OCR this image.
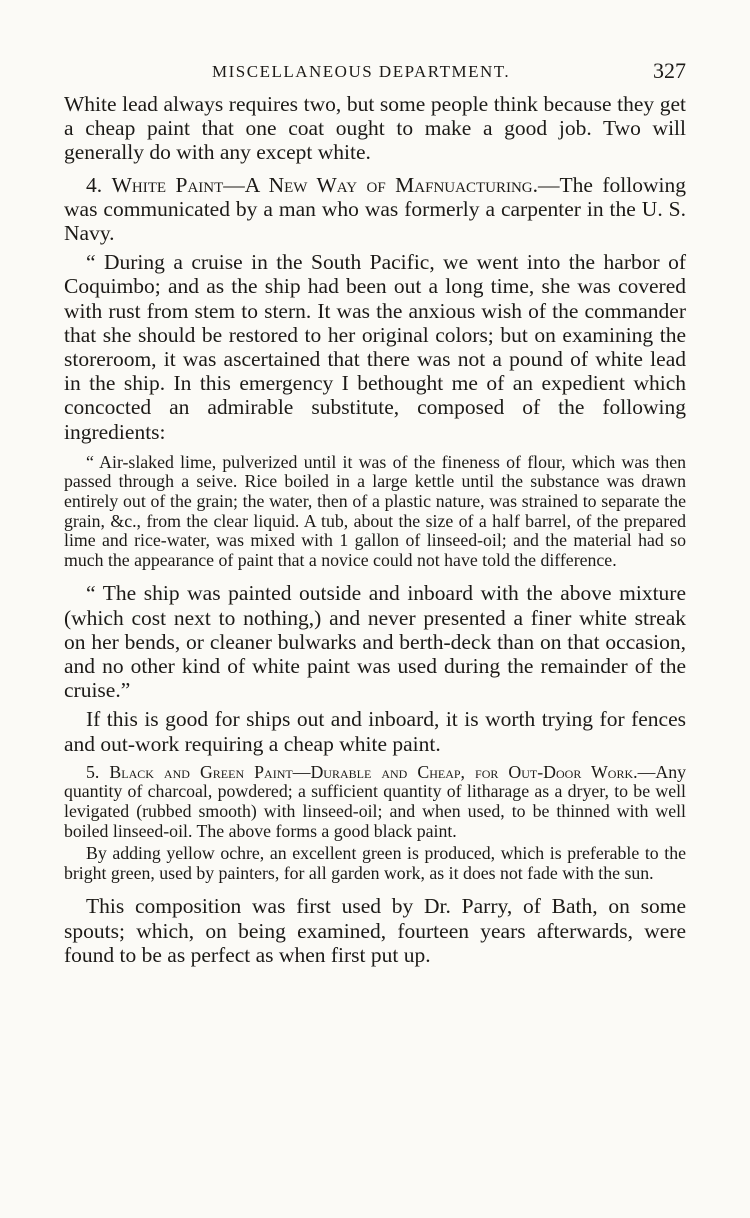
MISCELLANEOUS DEPARTMENT.	327

White lead always requires two, but some people think because they get a cheap paint that one coat ought to make a good job. Two will generally do with any except white.

4. White Paint—A New Way of Mafnuacturing.—The following was communicated by a man who was formerly a carpenter in the U. S. Navy.

“ During a cruise in the South Pacific, we went into the harbor of Coquimbo; and as the ship had been out a long time, she was covered with rust from stem to stern. It was the anxious wish of the commander that she should be restored to her original colors; but on examining the storeroom, it was ascertained that there was not a pound of white lead in the ship. In this emergency I bethought me of an expedient which concocted an admirable substitute, composed of the following ingredients:

“ Air-slaked lime, pulverized until it was of the fineness of flour, which was then passed through a seive. Rice boiled in a large kettle until the substance was drawn entirely out of the grain; the water, then of a plastic nature, was strained to separate the grain, &c., from the clear liquid. A tub, about the size of a half barrel, of the prepared lime and rice-water, was mixed with 1 gallon of linseed-oil; and the material had so much the appearance of paint that a novice could not have told the difference.

“ The ship was painted outside and inboard with the above mixture (which cost next to nothing,) and never presented a finer white streak on her bends, or cleaner bulwarks and berth-deck than on that occasion, and no other kind of white paint was used during the remainder of the cruise.”

If this is good for ships out and inboard, it is worth trying for fences and out-work requiring a cheap white paint.

5. Black and Green Paint—Durable and Cheap, for Out-Door Work.—Any quantity of charcoal, powdered; a sufficient quantity of litharage as a dryer, to be well levigated (rubbed smooth) with linseed-oil; and when used, to be thinned with well boiled linseed-oil. The above forms a good black paint.

By adding yellow ochre, an excellent green is produced, which is preferable to the bright green, used by painters, for all garden work, as it does not fade with the sun.

This composition was first used by Dr. Parry, of Bath, on some spouts; which, on being examined, fourteen years afterwards, were found to be as perfect as when first put up.
